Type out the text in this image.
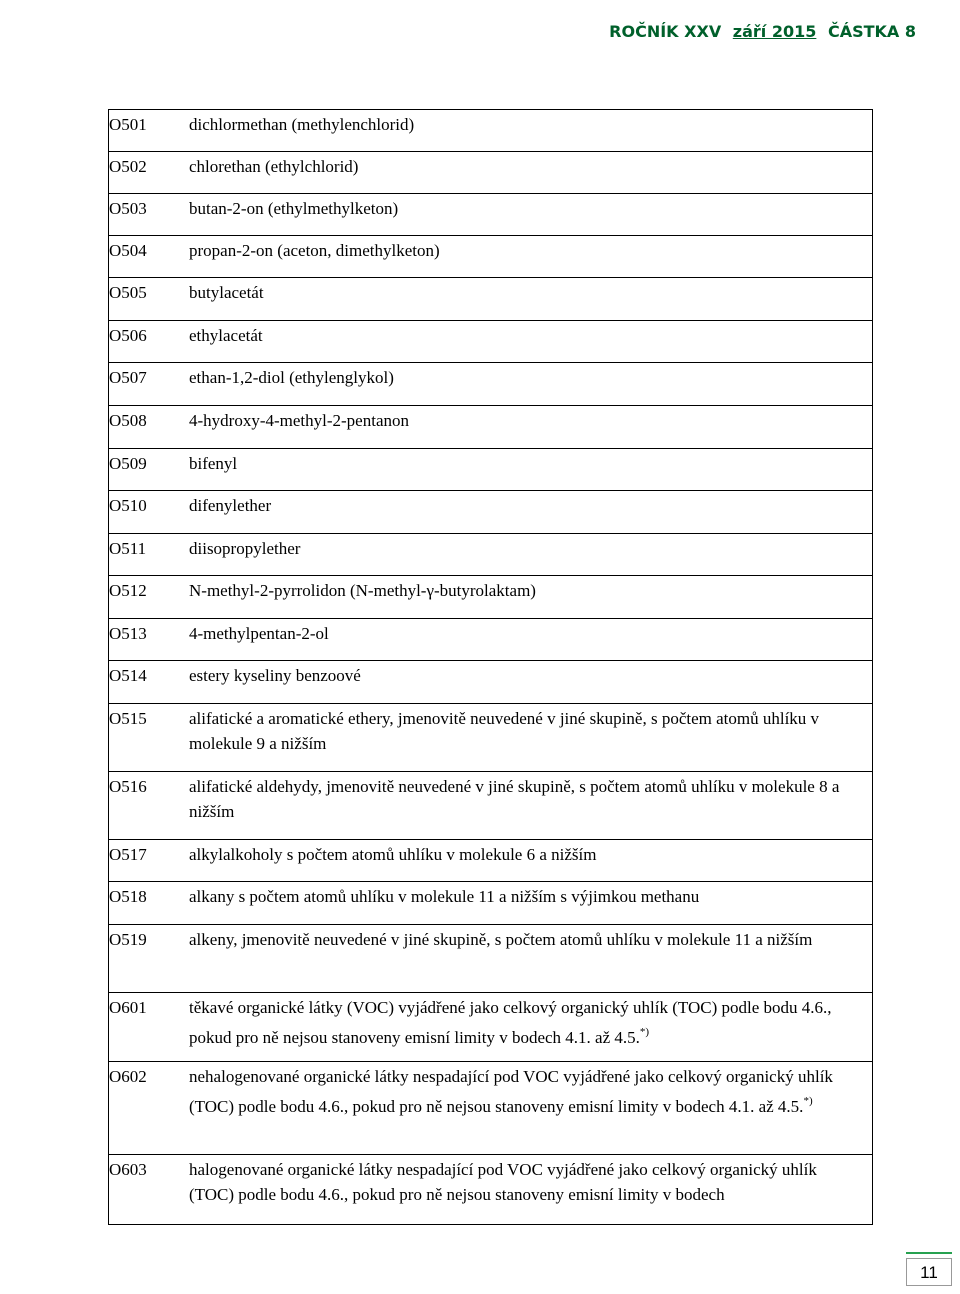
ROČNÍK XXV září 2015 ČÁSTKA 8
O501	dichlormethan (methylenchlorid)

O502	chlorethan (ethylchlorid)

O503	butan-2-on (ethylmethylketon)

O504	propan-2-on (aceton, dimethylketon)

O505	butylacetát

O506	ethylacetát

O507	ethan-1,2-diol (ethylenglykol)

O508	4-hydroxy-4-methyl-2-pentanon

O509	bifenyl

O510	difenylether

O511	diisopropylether

O512	N-methyl-2-pyrrolidon (N-methyl-γ-butyrolaktam)

O513	4-methylpentan-2-ol

O514	estery kyseliny benzoové

O515	alifatické a aromatické ethery, jmenovitě neuvedené v jiné skupině, s počtem atomů uhlíku v molekule 9 a nižším

O516	alifatické aldehydy, jmenovitě neuvedené v jiné skupině, s počtem atomů uhlíku v molekule 8 a nižším

O517	alkylalkoholy s počtem atomů uhlíku v molekule 6 a nižším

O518	alkany s počtem atomů uhlíku v molekule 11 a nižším s výjimkou methanu

O519	alkeny, jmenovitě neuvedené v jiné skupině, s počtem atomů uhlíku v molekule 11 a nižším

O601	těkavé organické látky (VOC) vyjádřené jako celkový organický uhlík (TOC) podle bodu 4.6., pokud pro ně nejsou stanoveny emisní limity v bodech 4.1. až 4.5.*)

O602	nehalogenované organické látky nespadající pod VOC vyjádřené jako celkový organický uhlík (TOC) podle bodu 4.6., pokud pro ně nejsou stanoveny emisní limity v bodech 4.1. až 4.5.*)

O603	halogenované organické látky nespadající pod VOC vyjádřené jako celkový organický uhlík (TOC) podle bodu 4.6., pokud pro ně nejsou stanoveny emisní limity v bodech
11
